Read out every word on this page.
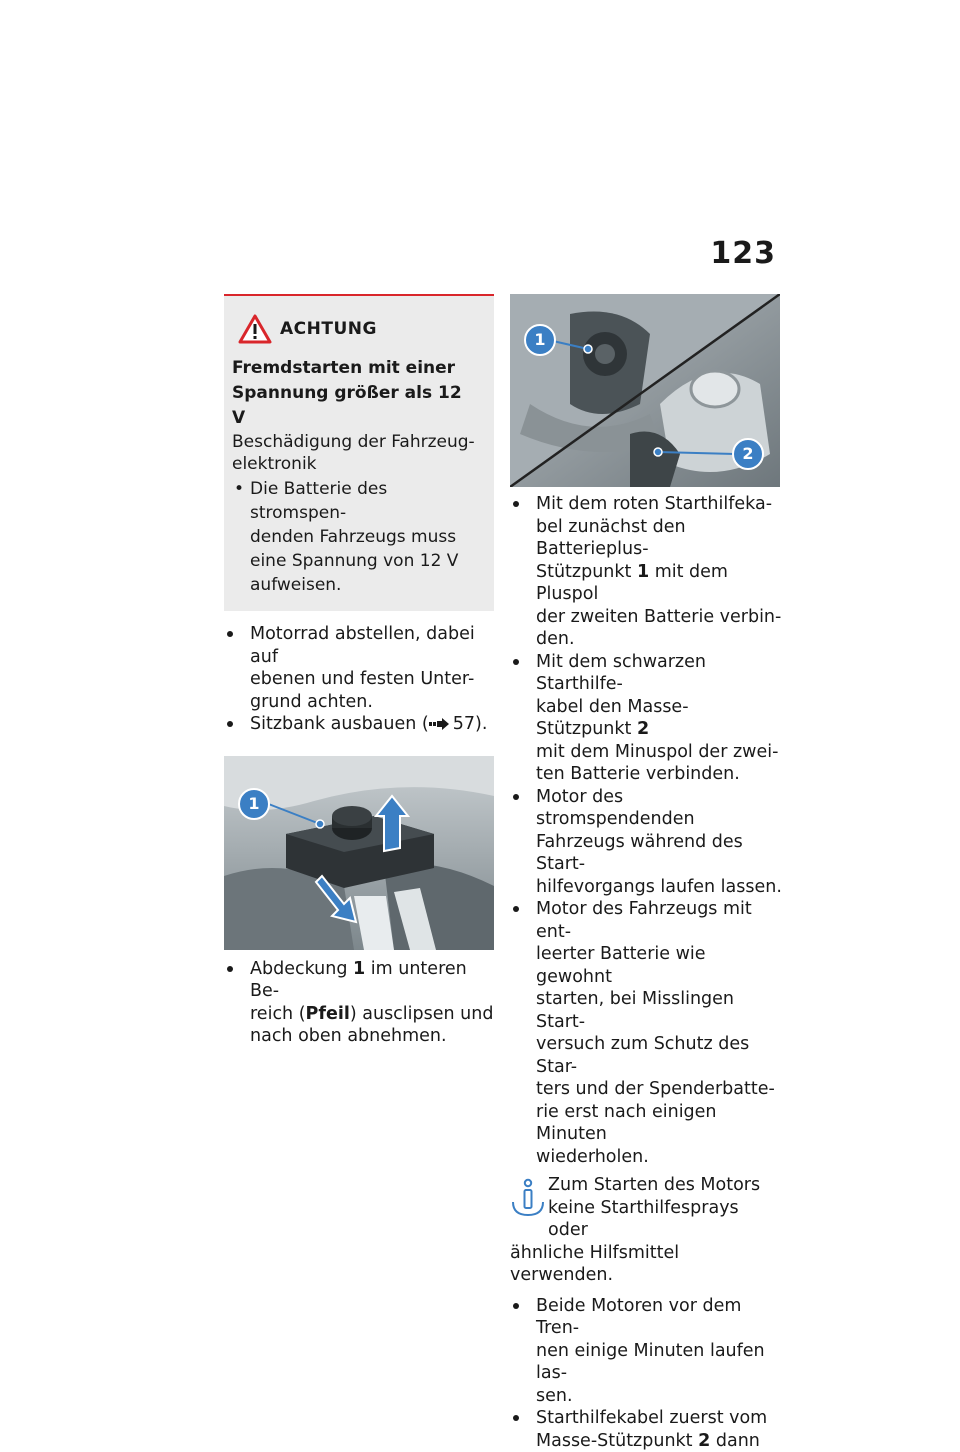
123
ACHTUNG
Fremdstarten mit einer
Spannung größer als 12 V
Beschädigung der Fahrzeug-
elektronik
• Die Batterie des stromspen-
denden Fahrzeugs muss
eine Spannung von 12 V
aufweisen.
Motorrad abstellen, dabei auf
ebenen und festen Unter-
grund achten.
Sitzbank ausbauen ( 57).
1
Abdeckung 1 im unteren Be-
reich (Pfeil) ausclipsen und
nach oben abnehmen.
1
2
Mit dem roten Starthilfeka-
bel zunächst den Batterieplus-
Stützpunkt 1 mit dem Pluspol
der zweiten Batterie verbin-
den.
Mit dem schwarzen Starthilfe-
kabel den Masse-Stützpunkt 2
mit dem Minuspol der zwei-
ten Batterie verbinden.
Motor des stromspendenden
Fahrzeugs während des Start-
hilfevorgangs laufen lassen.
Motor des Fahrzeugs mit ent-
leerter Batterie wie gewohnt
starten, bei Misslingen Start-
versuch zum Schutz des Star-
ters und der Spenderbatte-
rie erst nach einigen Minuten
wiederholen.
Zum Starten des Motors
keine Starthilfesprays oder
ähnliche Hilfsmittel verwenden.
Beide Motoren vor dem Tren-
nen einige Minuten laufen las-
sen.
Starthilfekabel zuerst vom
Masse-Stützpunkt 2 dann
